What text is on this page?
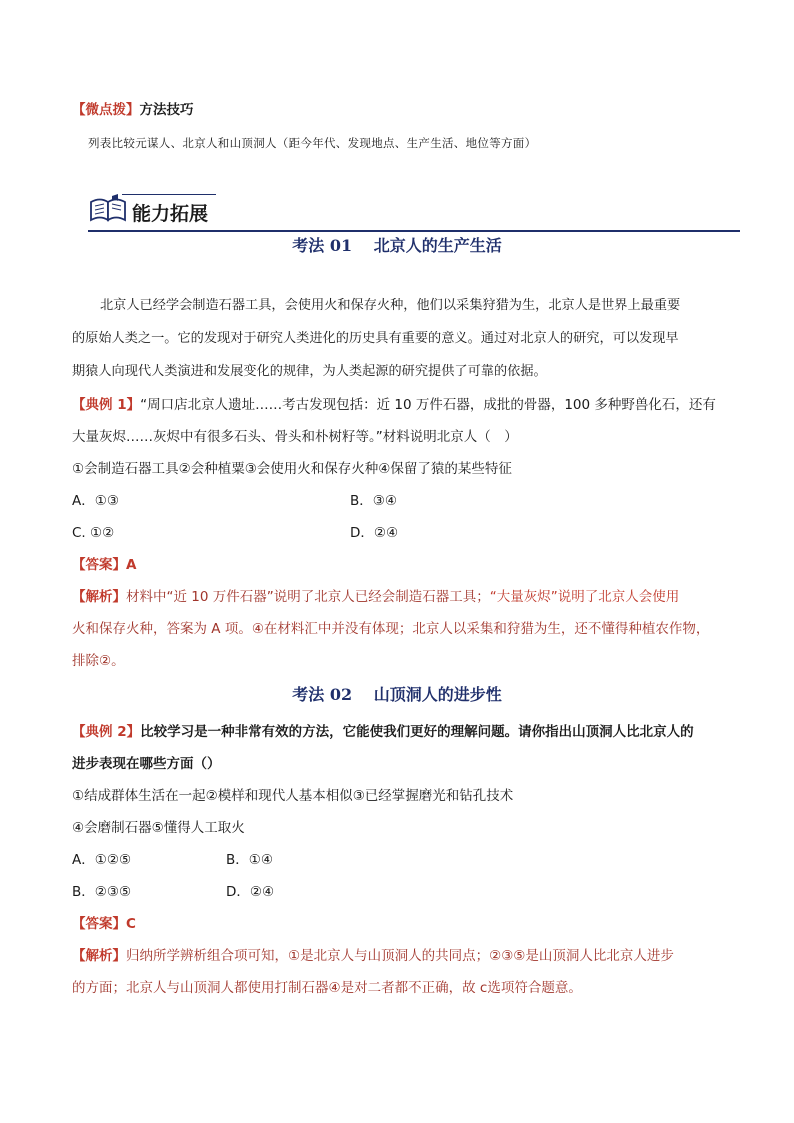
【微点拨】方法技巧
列表比较元谋人、北京人和山顶洞人（距今年代、发现地点、生产生活、地位等方面）
能力拓展
考法 01　 北京人的生产生活
北京人已经学会制造石器工具，会使用火和保存火种，他们以采集狩猎为生，北京人是世界上最重要
的原始人类之一。它的发现对于研究人类进化的历史具有重要的意义。通过对北京人的研究，可以发现早
期猿人向现代人类演进和发展变化的规律，为人类起源的研究提供了可靠的依据。
【典例 1】“周口店北京人遗址……考古发现包括：近 10 万件石器，成批的骨器，100 多种野兽化石，还有
大量灰烬……灰烬中有很多石头、骨头和朴树籽等。”材料说明北京人（　）
①会制造石器工具②会种植粟③会使用火和保存火种④保留了猿的某些特征
A．①③	B．③④
C. ①②	D．②④
【答案】A
【解析】材料中“近 10 万件石器”说明了北京人已经会制造石器工具；“大量灰烬”说明了北京人会使用
火和保存火种，答案为 A 项。④在材料汇中并没有体现；北京人以采集和狩猎为生，还不懂得种植农作物，
排除②。
考法 02　 山顶洞人的进步性
【典例 2】比较学习是一种非常有效的方法，它能使我们更好的理解问题。请你指出山顶洞人比北京人的
进步表现在哪些方面（）
①结成群体生活在一起②模样和现代人基本相似③已经掌握磨光和钻孔技术
④会磨制石器⑤懂得人工取火
A．①②⑤	B．①④
B．②③⑤	D．②④
【答案】C
【解析】归纳所学辨析组合项可知，①是北京人与山顶洞人的共同点；②③⑤是山顶洞人比北京人进步
的方面；北京人与山顶洞人都使用打制石器④是对二者都不正确，故 c选项符合题意。
